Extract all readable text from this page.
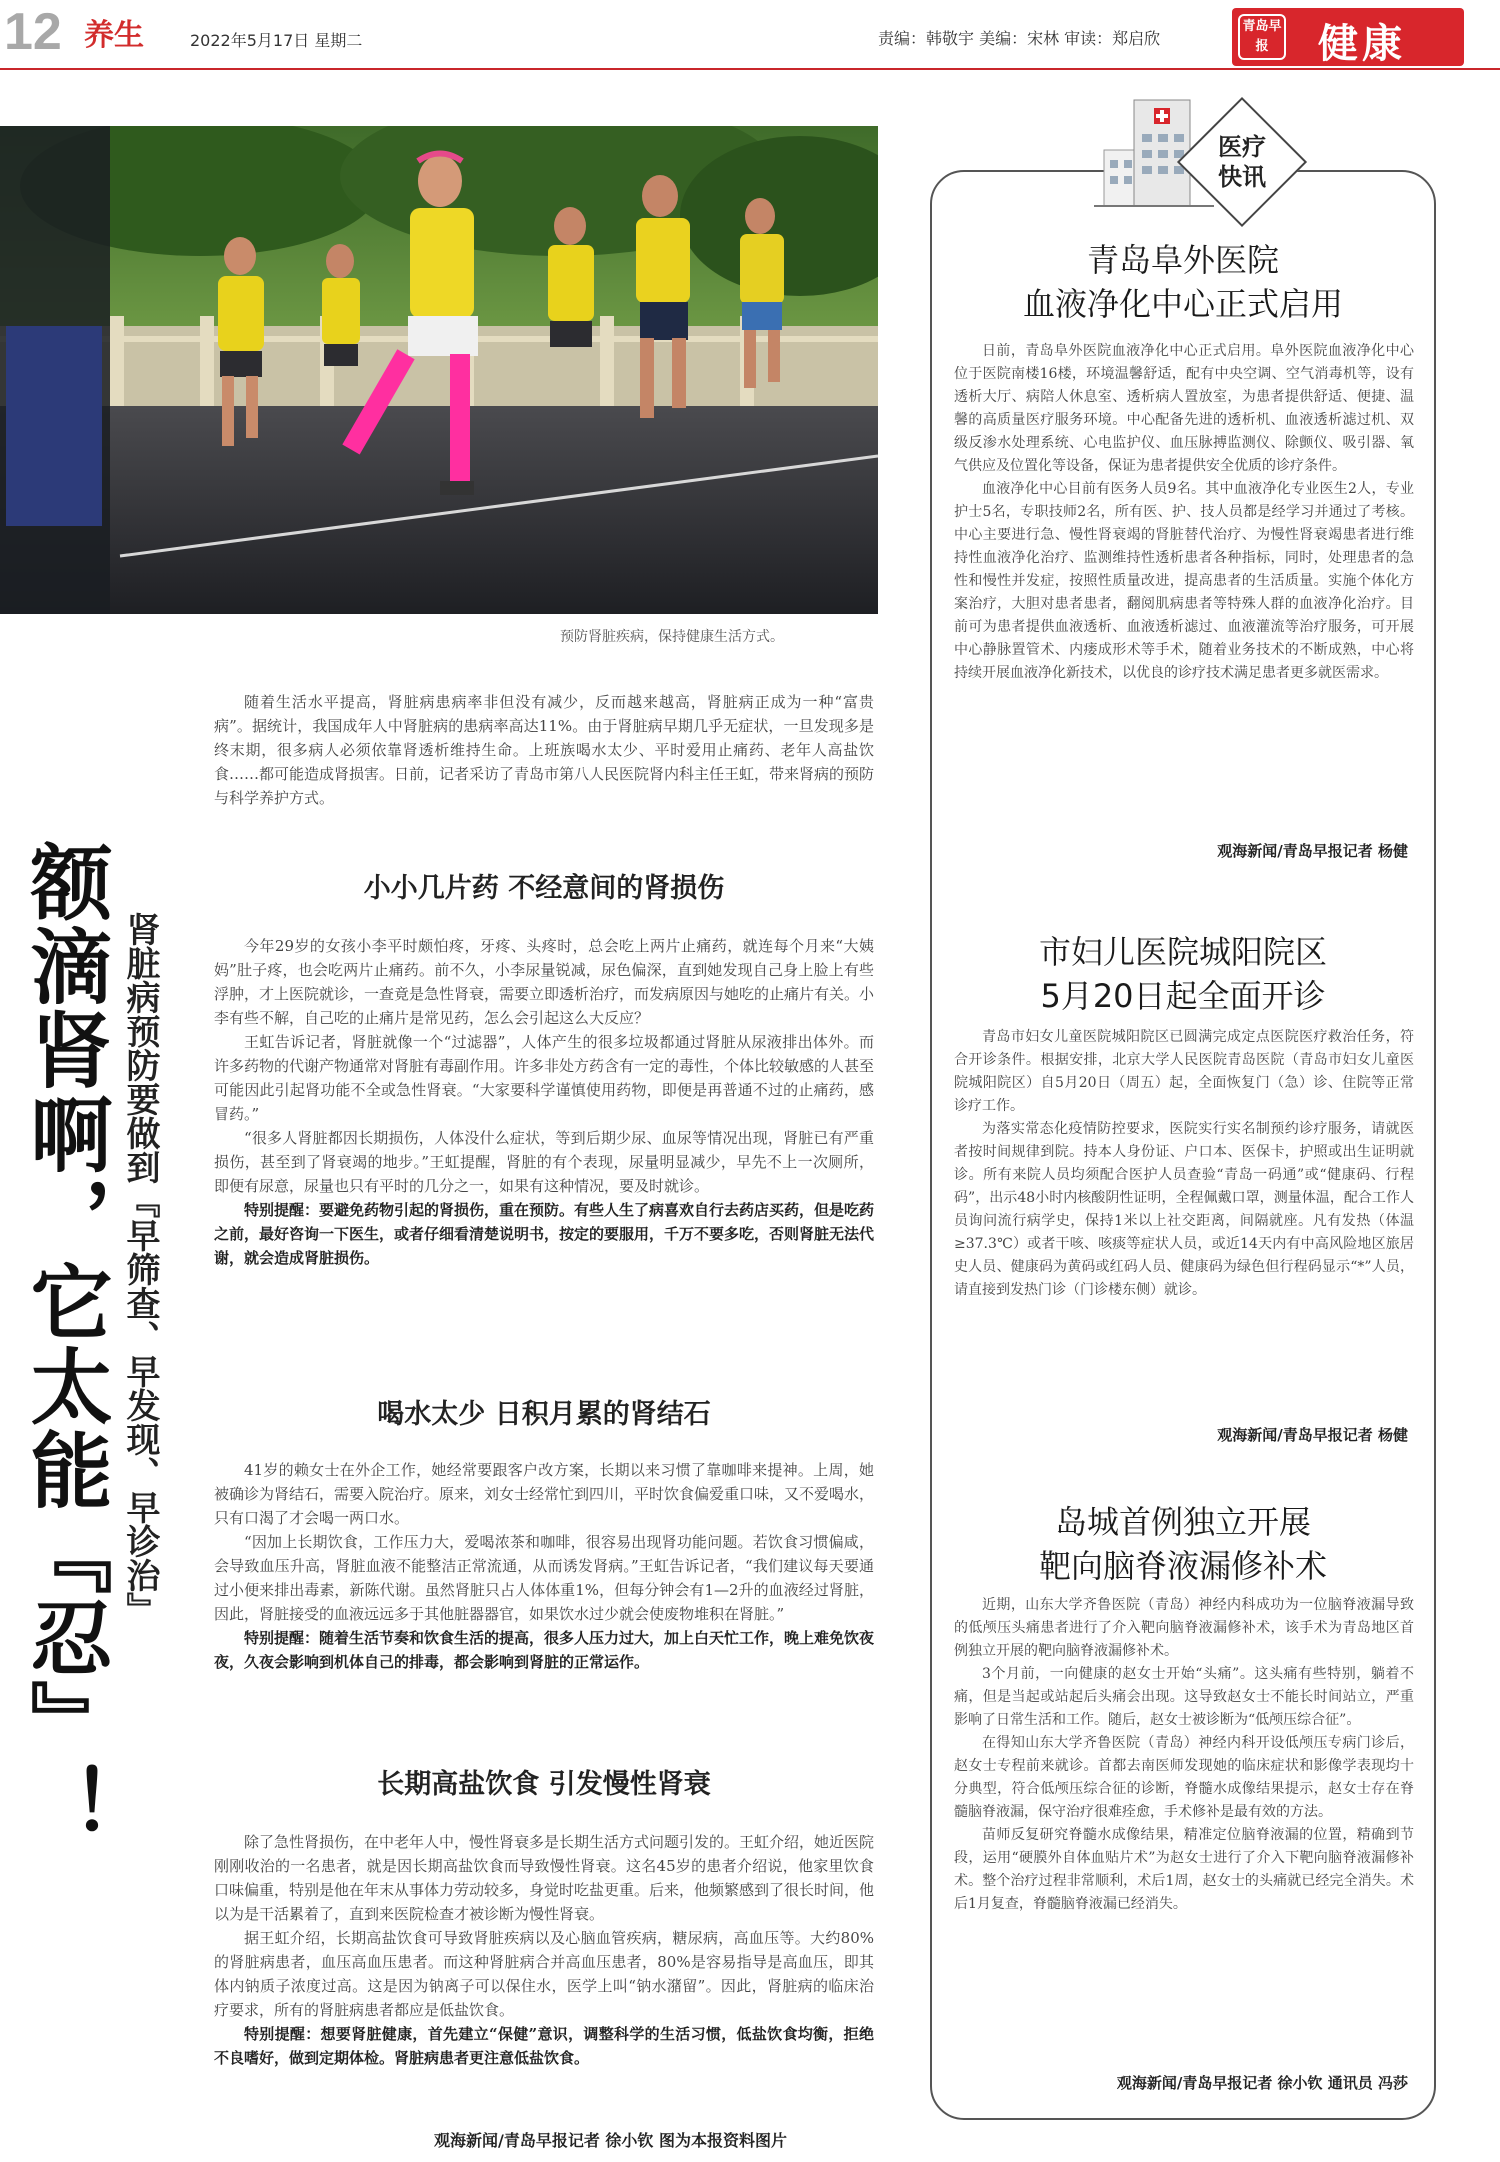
12 养生	2022年5月17日 星期二	责编：韩敬宇 美编：宋林 审读：郑启欣
青岛早报	健康
预防肾脏疾病，保持健康生活方式。
额滴肾啊，它太能『忍』！ 肾脏病预防要做到『早筛查、早发现、早诊治』
随着生活水平提高，肾脏病患病率非但没有减少，反而越来越高，肾脏病正成为一种“富贵病”。据统计，我国成年人中肾脏病的患病率高达11%。由于肾脏病早期几乎无症状，一旦发现多是终末期，很多病人必须依靠肾透析维持生命。上班族喝水太少、平时爱用止痛药、老年人高盐饮食……都可能造成肾损害。日前，记者采访了青岛市第八人民医院肾内科主任王虹，带来肾病的预防与科学养护方式。
小小几片药 不经意间的肾损伤

今年29岁的女孩小李平时颇怕疼，牙疼、头疼时，总会吃上两片止痛药，就连每个月来“大姨妈”肚子疼，也会吃两片止痛药。前不久，小李尿量锐减，尿色偏深，直到她发现自己身上脸上有些浮肿，才上医院就诊，一查竟是急性肾衰，需要立即透析治疗，而发病原因与她吃的止痛片有关。小李有些不解，自己吃的止痛片是常见药，怎么会引起这么大反应？

王虹告诉记者，肾脏就像一个“过滤器”，人体产生的很多垃圾都通过肾脏从尿液排出体外。而许多药物的代谢产物通常对肾脏有毒副作用。许多非处方药含有一定的毒性，个体比较敏感的人甚至可能因此引起肾功能不全或急性肾衰。“大家要科学谨慎使用药物，即便是再普通不过的止痛药，感冒药。”

“很多人肾脏都因长期损伤，人体没什么症状，等到后期少尿、血尿等情况出现，肾脏已有严重损伤，甚至到了肾衰竭的地步。”王虹提醒，肾脏的有个表现，尿量明显减少，早先不上一次厕所，即便有尿意，尿量也只有平时的几分之一，如果有这种情况，要及时就诊。

特别提醒：要避免药物引起的肾损伤，重在预防。有些人生了病喜欢自行去药店买药，但是吃药之前，最好咨询一下医生，或者仔细看清楚说明书，按定的要服用，千万不要多吃，否则肾脏无法代谢，就会造成肾脏损伤。

喝水太少 日积月累的肾结石

41岁的赖女士在外企工作，她经常要跟客户改方案，长期以来习惯了靠咖啡来提神。上周，她被确诊为肾结石，需要入院治疗。原来，刘女士经常忙到四川，平时饮食偏爱重口味，又不爱喝水，只有口渴了才会喝一两口水。

“因加上长期饮食，工作压力大，爱喝浓茶和咖啡，很容易出现肾功能问题。若饮食习惯偏咸，会导致血压升高，肾脏血液不能整洁正常流通，从而诱发肾病。”王虹告诉记者，“我们建议每天要通过小便来排出毒素，新陈代谢。虽然肾脏只占人体体重1%，但每分钟会有1—2升的血液经过肾脏，因此，肾脏接受的血液远远多于其他脏器器官，如果饮水过少就会使废物堆积在肾脏。”

特别提醒：随着生活节奏和饮食生活的提高，很多人压力过大，加上白天忙工作，晚上难免饮夜夜，久夜会影响到机体自己的排毒，都会影响到肾脏的正常运作。

长期高盐饮食 引发慢性肾衰

除了急性肾损伤，在中老年人中，慢性肾衰多是长期生活方式问题引发的。王虹介绍，她近医院刚刚收治的一名患者，就是因长期高盐饮食而导致慢性肾衰。这名45岁的患者介绍说，他家里饮食口味偏重，特别是他在年末从事体力劳动较多，身觉时吃盐更重。后来，他频繁感到了很长时间，他以为是干活累着了，直到来医院检查才被诊断为慢性肾衰。

据王虹介绍，长期高盐饮食可导致肾脏疾病以及心脑血管疾病，糖尿病，高血压等。大约80%的肾脏病患者，血压高血压患者。而这种肾脏病合并高血压患者，80%是容易指导是高血压，即其体内钠质子浓度过高。这是因为钠离子可以保住水，医学上叫“钠水潴留”。因此，肾脏病的临床治疗要求，所有的肾脏病患者都应是低盐饮食。

特别提醒：想要肾脏健康，首先建立“保健”意识，调整科学的生活习惯，低盐饮食均衡，拒绝不良嗜好，做到定期体检。肾脏病患者更注意低盐饮食。

观海新闻/青岛早报记者 徐小钦 图为本报资料图片
医疗快讯
青岛阜外医院
血液净化中心正式启用

日前，青岛阜外医院血液净化中心正式启用。阜外医院血液净化中心位于医院南楼16楼，环境温馨舒适，配有中央空调、空气消毒机等，设有透析大厅、病陪人休息室、透析病人置放室，为患者提供舒适、便捷、温馨的高质量医疗服务环境。中心配备先进的透析机、血液透析滤过机、双级反渗水处理系统、心电监护仪、血压脉搏监测仪、除颤仪、吸引器、氧气供应及位置化等设备，保证为患者提供安全优质的诊疗条件。

血液净化中心目前有医务人员9名。其中血液净化专业医生2人，专业护士5名，专职技师2名，所有医、护、技人员都是经学习并通过了考核。中心主要进行急、慢性肾衰竭的肾脏替代治疗、为慢性肾衰竭患者进行维持性血液净化治疗、监测维持性透析患者各种指标，同时，处理患者的急性和慢性并发症，按照性质量改进，提高患者的生活质量。实施个体化方案治疗，大胆对患者患者，翻阅肌病患者等特殊人群的血液净化治疗。目前可为患者提供血液透析、血液透析滤过、血液灌流等治疗服务，可开展中心静脉置管术、内瘘成形术等手术，随着业务技术的不断成熟，中心将持续开展血液净化新技术，以优良的诊疗技术满足患者更多就医需求。

观海新闻/青岛早报记者 杨健
市妇儿医院城阳院区
5月20日起全面开诊

青岛市妇女儿童医院城阳院区已圆满完成定点医院医疗救治任务，符合开诊条件。根据安排，北京大学人民医院青岛医院（青岛市妇女儿童医院城阳院区）自5月20日（周五）起，全面恢复门（急）诊、住院等正常诊疗工作。

为落实常态化疫情防控要求，医院实行实名制预约诊疗服务，请就医者按时间规律到院。持本人身份证、户口本、医保卡，护照或出生证明就诊。所有来院人员均须配合医护人员查验“青岛一码通”或“健康码、行程码”，出示48小时内核酸阴性证明，全程佩戴口罩，测量体温，配合工作人员询问流行病学史，保持1米以上社交距离，间隔就座。凡有发热（体温≥37.3℃）或者干咳、咳痰等症状人员，或近14天内有中高风险地区旅居史人员、健康码为黄码或红码人员、健康码为绿色但行程码显示“*”人员，请直接到发热门诊（门诊楼东侧）就诊。

观海新闻/青岛早报记者 杨健
岛城首例独立开展
靶向脑脊液漏修补术

近期，山东大学齐鲁医院（青岛）神经内科成功为一位脑脊液漏导致的低颅压头痛患者进行了介入靶向脑脊液漏修补术，该手术为青岛地区首例独立开展的靶向脑脊液漏修补术。

3个月前，一向健康的赵女士开始“头痛”。这头痛有些特别，躺着不痛，但是当起或站起后头痛会出现。这导致赵女士不能长时间站立，严重影响了日常生活和工作。随后，赵女士被诊断为“低颅压综合征”。

在得知山东大学齐鲁医院（青岛）神经内科开设低颅压专病门诊后，赵女士专程前来就诊。首都去南医师发现她的临床症状和影像学表现均十分典型，符合低颅压综合征的诊断，脊髓水成像结果提示，赵女士存在脊髓脑脊液漏，保守治疗很难痊愈，手术修补是最有效的方法。

苗师反复研究脊髓水成像结果，精准定位脑脊液漏的位置，精确到节段，运用“硬膜外自体血贴片术”为赵女士进行了介入下靶向脑脊液漏修补术。整个治疗过程非常顺利，术后1周，赵女士的头痛就已经完全消失。术后1月复查，脊髓脑脊液漏已经消失。

观海新闻/青岛早报记者 徐小钦 通讯员 冯莎
